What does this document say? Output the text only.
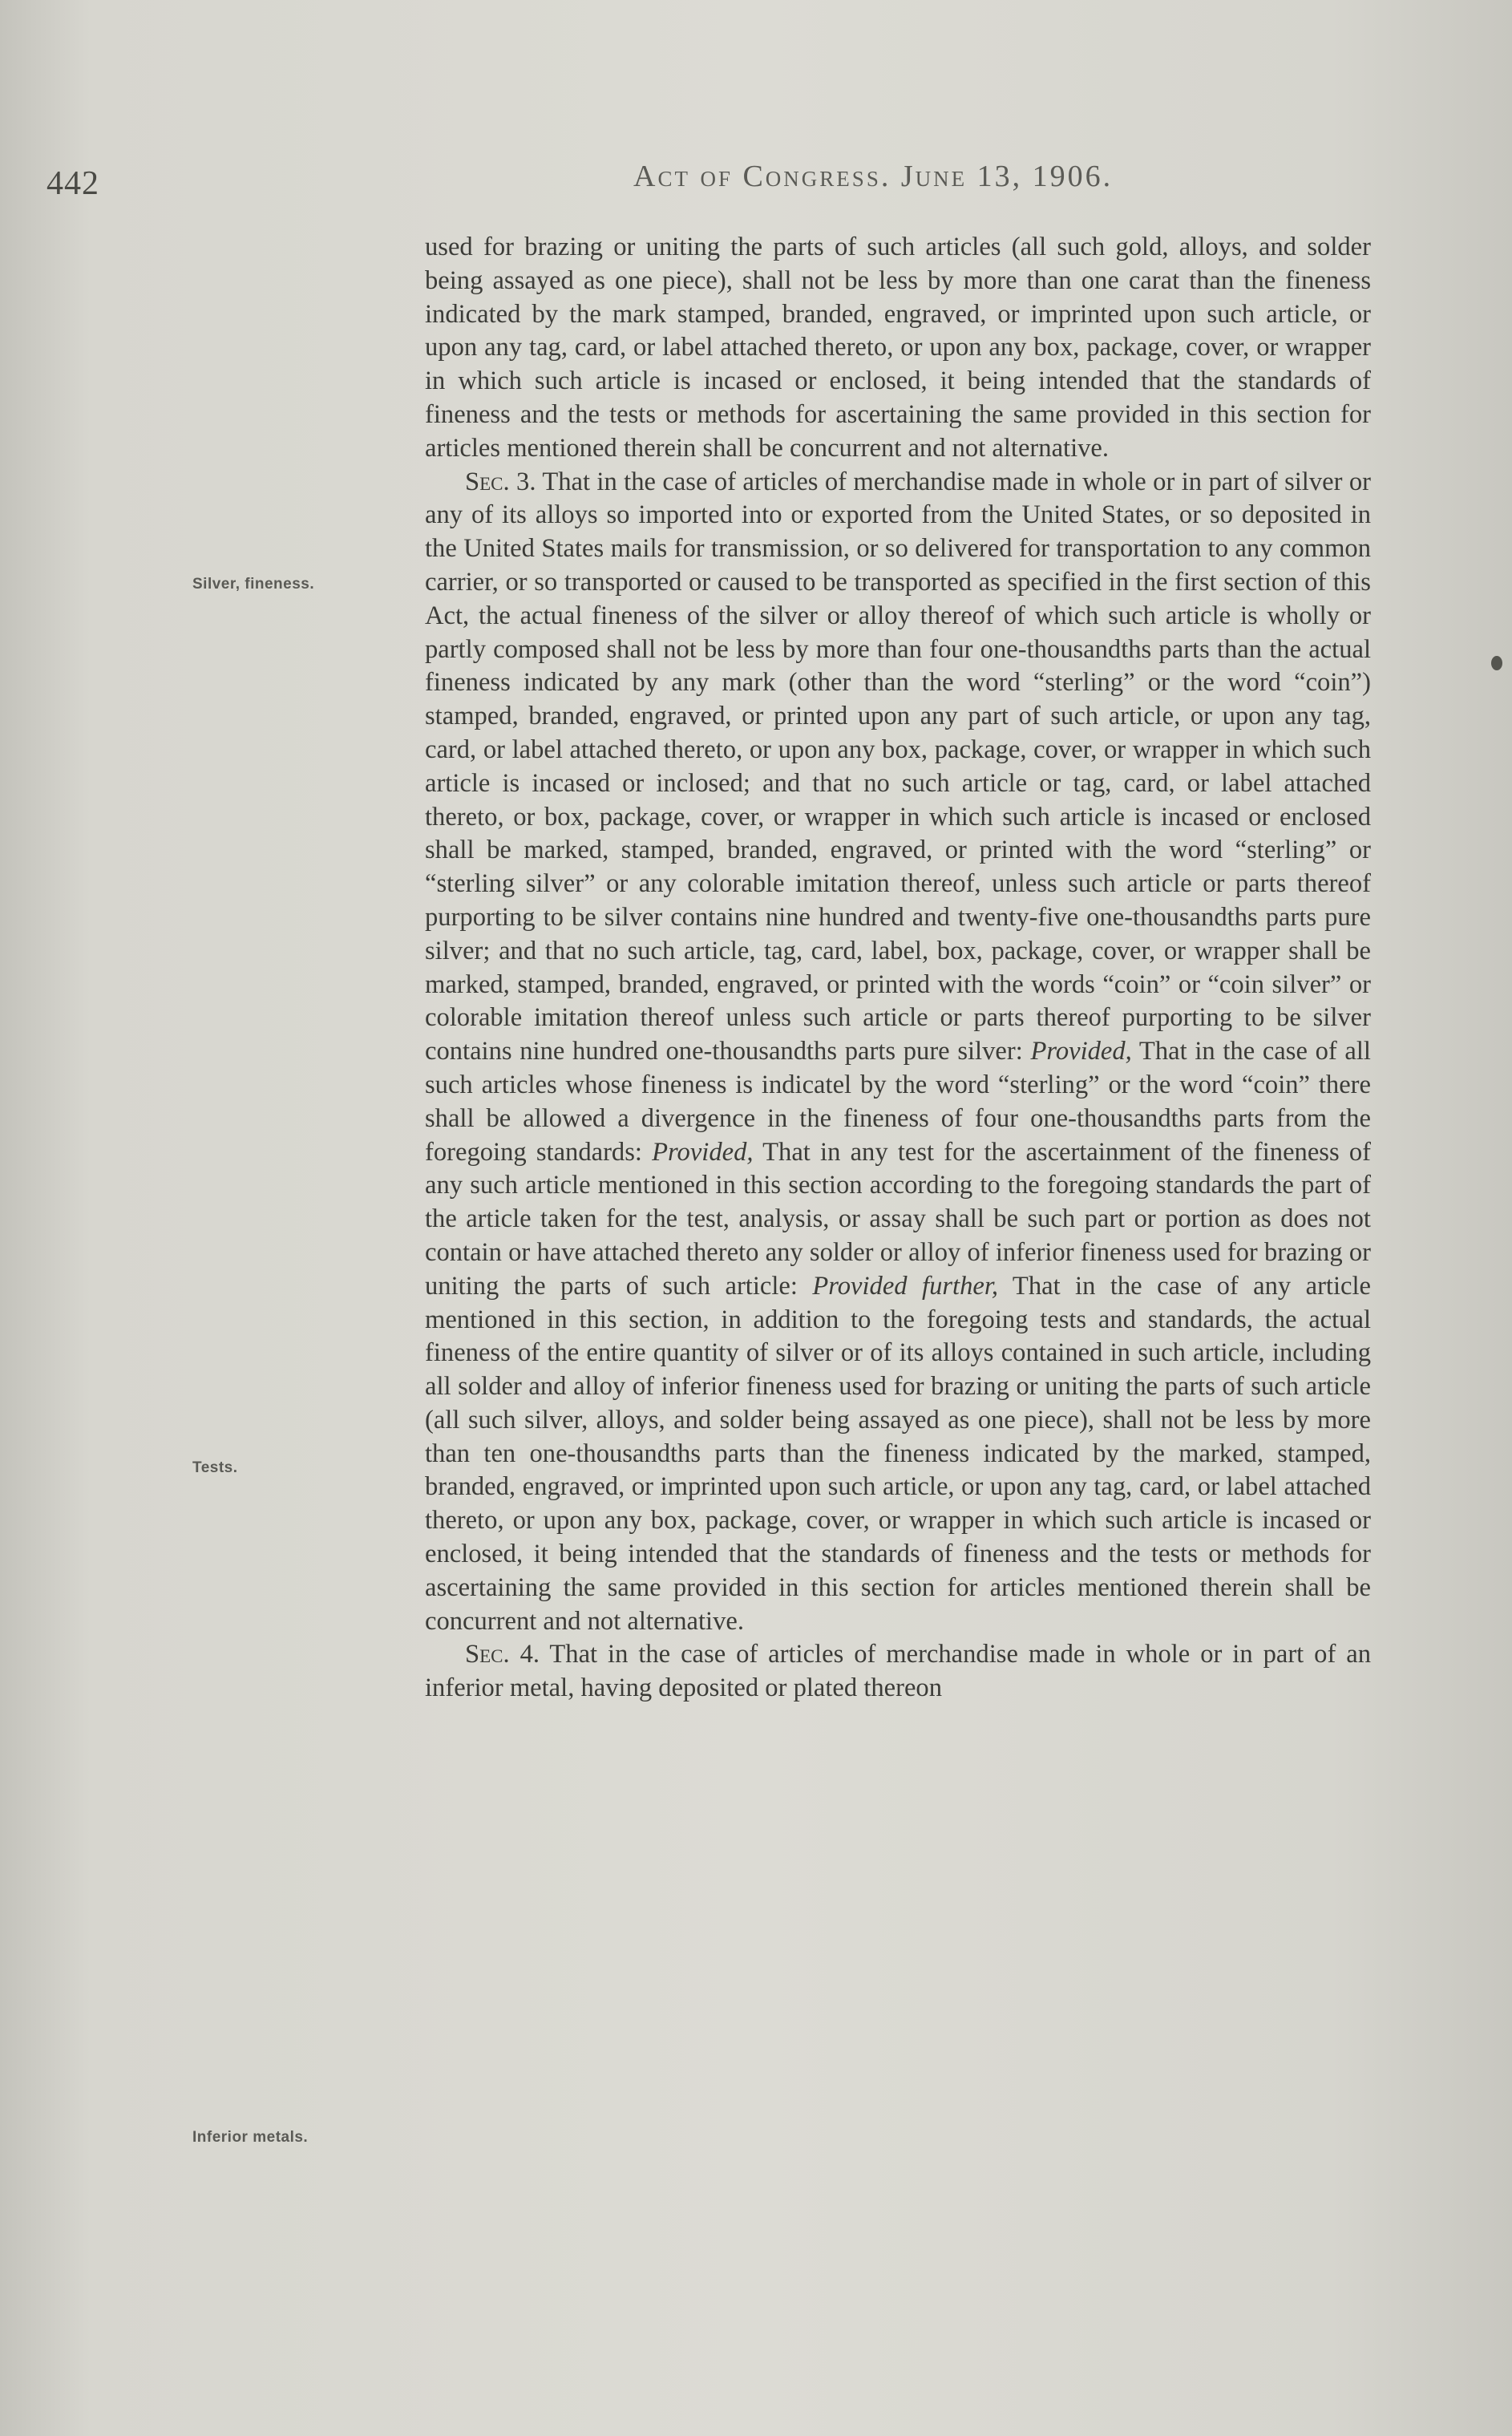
442	Act of Congress. June 13, 1906.
Silver, fineness.
Tests.
Inferior metals.

used for brazing or uniting the parts of such articles (all such gold, alloys, and solder being assayed as one piece), shall not be less by more than one carat than the fineness indicated by the mark stamped, branded, engraved, or imprinted upon such article, or upon any tag, card, or label attached thereto, or upon any box, package, cover, or wrapper in which such article is incased or enclosed, it being intended that the standards of fineness and the tests or methods for ascertaining the same provided in this section for articles mentioned therein shall be concurrent and not alternative.

Sec. 3. That in the case of articles of merchandise made in whole or in part of silver or any of its alloys so imported into or exported from the United States, or so deposited in the United States mails for transmission, or so delivered for transportation to any common carrier, or so transported or caused to be transported as specified in the first section of this Act, the actual fineness of the silver or alloy thereof of which such article is wholly or partly composed shall not be less by more than four one-thousandths parts than the actual fineness indicated by any mark (other than the word “sterling” or the word “coin”) stamped, branded, engraved, or printed upon any part of such article, or upon any tag, card, or label attached thereto, or upon any box, package, cover, or wrapper in which such article is incased or inclosed; and that no such article or tag, card, or label attached thereto, or box, package, cover, or wrapper in which such article is incased or enclosed shall be marked, stamped, branded, engraved, or printed with the word “sterling” or “sterling silver” or any colorable imitation thereof, unless such article or parts thereof purporting to be silver contains nine hundred and twenty-five one-thousandths parts pure silver; and that no such article, tag, card, label, box, package, cover, or wrapper shall be marked, stamped, branded, engraved, or printed with the words “coin” or “coin silver” or colorable imitation thereof unless such article or parts thereof purporting to be silver contains nine hundred one-thousandths parts pure silver: Provided, That in the case of all such articles whose fineness is indicatel by the word “sterling” or the word “coin” there shall be allowed a divergence in the fineness of four one-thousandths parts from the foregoing standards: Provided, That in any test for the ascertainment of the fineness of any such article mentioned in this section according to the foregoing standards the part of the article taken for the test, analysis, or assay shall be such part or portion as does not contain or have attached thereto any solder or alloy of inferior fineness used for brazing or uniting the parts of such article: Provided further, That in the case of any article mentioned in this section, in addition to the foregoing tests and standards, the actual fineness of the entire quantity of silver or of its alloys contained in such article, including all solder and alloy of inferior fineness used for brazing or uniting the parts of such article (all such silver, alloys, and solder being assayed as one piece), shall not be less by more than ten one-thousandths parts than the fineness indicated by the marked, stamped, branded, engraved, or imprinted upon such article, or upon any tag, card, or label attached thereto, or upon any box, package, cover, or wrapper in which such article is incased or enclosed, it being intended that the standards of fineness and the tests or methods for ascertaining the same provided in this section for articles mentioned therein shall be concurrent and not alternative.

Sec. 4. That in the case of articles of merchandise made in whole or in part of an inferior metal, having deposited or plated thereon
